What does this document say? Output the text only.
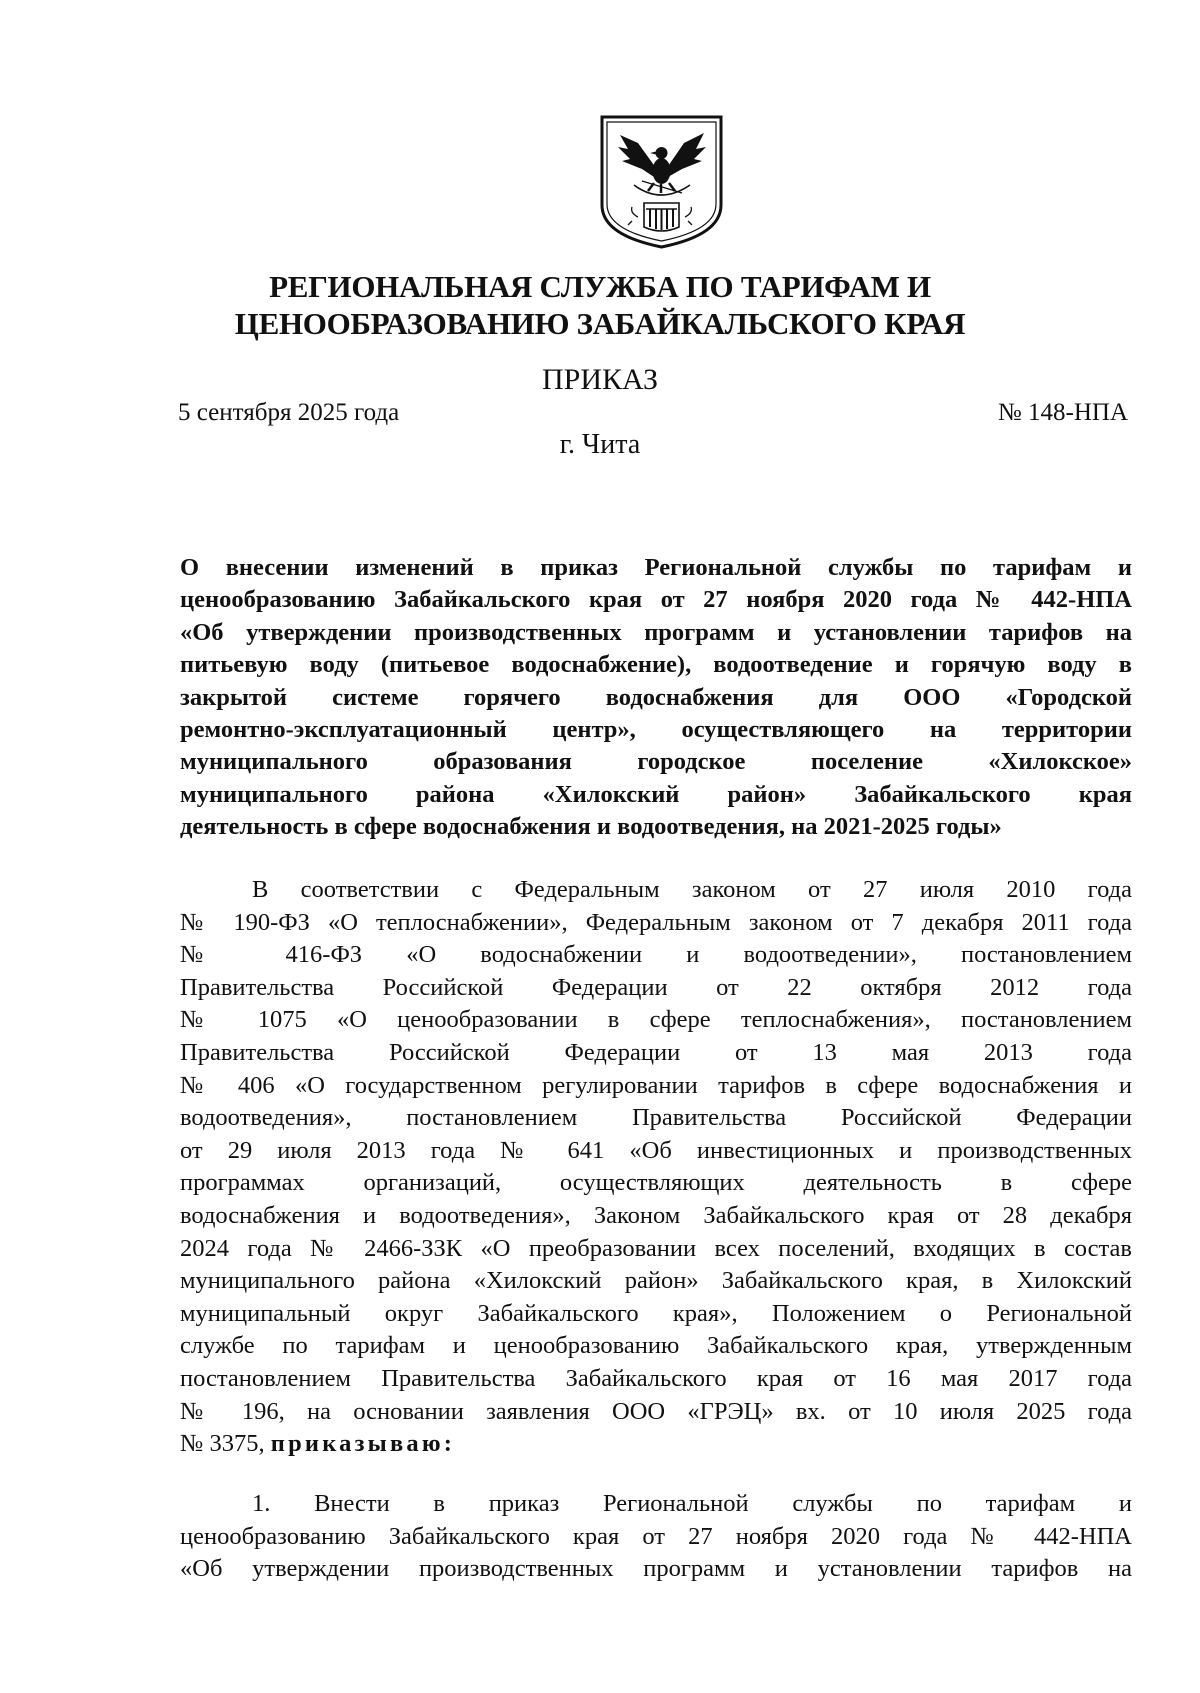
РЕГИОНАЛЬНАЯ СЛУЖБА ПО ТАРИФАМ И
ЦЕНООБРАЗОВАНИЮ ЗАБАЙКАЛЬСКОГО КРАЯ
ПРИКАЗ
5 сентября 2025 года	№ 148-НПА
г. Чита
О внесении изменений в приказ Региональной службы по тарифам и
ценообразованию Забайкальского края от 27 ноября 2020 года № 442-НПА
«Об утверждении производственных программ и установлении тарифов на
питьевую воду (питьевое водоснабжение), водоотведение и горячую воду в
закрытой системе горячего водоснабжения для ООО «Городской
ремонтно-эксплуатационный центр», осуществляющего на территории
муниципального образования городское поселение «Хилокское»
муниципального района «Хилокский район» Забайкальского края
деятельность в сфере водоснабжения и водоотведения, на 2021-2025 годы»
В соответствии с Федеральным законом от 27 июля 2010 года
№ 190-ФЗ «О теплоснабжении», Федеральным законом от 7 декабря 2011 года
№ 416-ФЗ «О водоснабжении и водоотведении», постановлением
Правительства Российской Федерации от 22 октября 2012 года
№ 1075 «О ценообразовании в сфере теплоснабжения», постановлением
Правительства Российской Федерации от 13 мая 2013 года
№ 406 «О государственном регулировании тарифов в сфере водоснабжения и
водоотведения», постановлением Правительства Российской Федерации
от 29 июля 2013 года № 641 «Об инвестиционных и производственных
программах организаций, осуществляющих деятельность в сфере
водоснабжения и водоотведения», Законом Забайкальского края от 28 декабря
2024 года № 2466-ЗЗК «О преобразовании всех поселений, входящих в состав
муниципального района «Хилокский район» Забайкальского края, в Хилокский
муниципальный округ Забайкальского края», Положением о Региональной
службе по тарифам и ценообразованию Забайкальского края, утвержденным
постановлением Правительства Забайкальского края от 16 мая 2017 года
№ 196, на основании заявления ООО «ГРЭЦ» вх. от 10 июля 2025 года
№ 3375, приказываю:
1. Внести в приказ Региональной службы по тарифам и
ценообразованию Забайкальского края от 27 ноября 2020 года № 442-НПА
«Об утверждении производственных программ и установлении тарифов на
